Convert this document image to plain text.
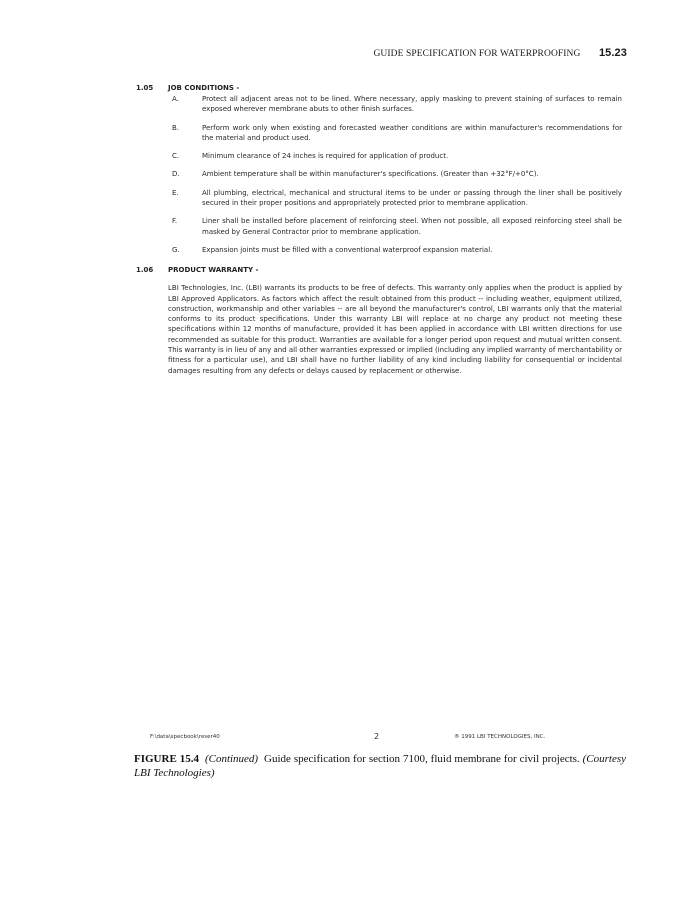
GUIDE SPECIFICATION FOR WATERPROOFING 15.23
1.05 JOB CONDITIONS -
A.	Protect all adjacent areas not to be lined. Where necessary, apply masking to prevent staining of surfaces to remain exposed wherever membrane abuts to other finish surfaces.
B.	Perform work only when existing and forecasted weather conditions are within manufacturer's recommendations for the material and product used.
C.	Minimum clearance of 24 inches is required for application of product.
D.	Ambient temperature shall be within manufacturer's specifications. (Greater than +32°F/+0°C).
E.	All plumbing, electrical, mechanical and structural items to be under or passing through the liner shall be positively secured in their proper positions and appropriately protected prior to membrane application.
F.	Liner shall be installed before placement of reinforcing steel. When not possible, all exposed reinforcing steel shall be masked by General Contractor prior to membrane application.
G.	Expansion joints must be filled with a conventional waterproof expansion material.
1.06 PRODUCT WARRANTY -
LBI Technologies, Inc. (LBI) warrants its products to be free of defects. This warranty only applies when the product is applied by LBI Approved Applicators. As factors which affect the result obtained from this product -- including weather, equipment utilized, construction, workmanship and other variables -- are all beyond the manufacturer's control, LBI warrants only that the material conforms to its product specifications. Under this warranty LBI will replace at no charge any product not meeting these specifications within 12 months of manufacture, provided it has been applied in accordance with LBI written directions for use recommended as suitable for this product. Warranties are available for a longer period upon request and mutual written consent. This warranty is in lieu of any and all other warranties expressed or implied (including any implied warranty of merchantability or fitness for a particular use), and LBI shall have no further liability of any kind including liability for consequential or incidental damages resulting from any defects or delays caused by replacement or otherwise.
F:\data\specbook\reser40	2	® 1991 LBI TECHNOLOGIES, INC.
FIGURE 15.4 (Continued) Guide specification for section 7100, fluid membrane for civil projects. (Courtesy LBI Technologies)
